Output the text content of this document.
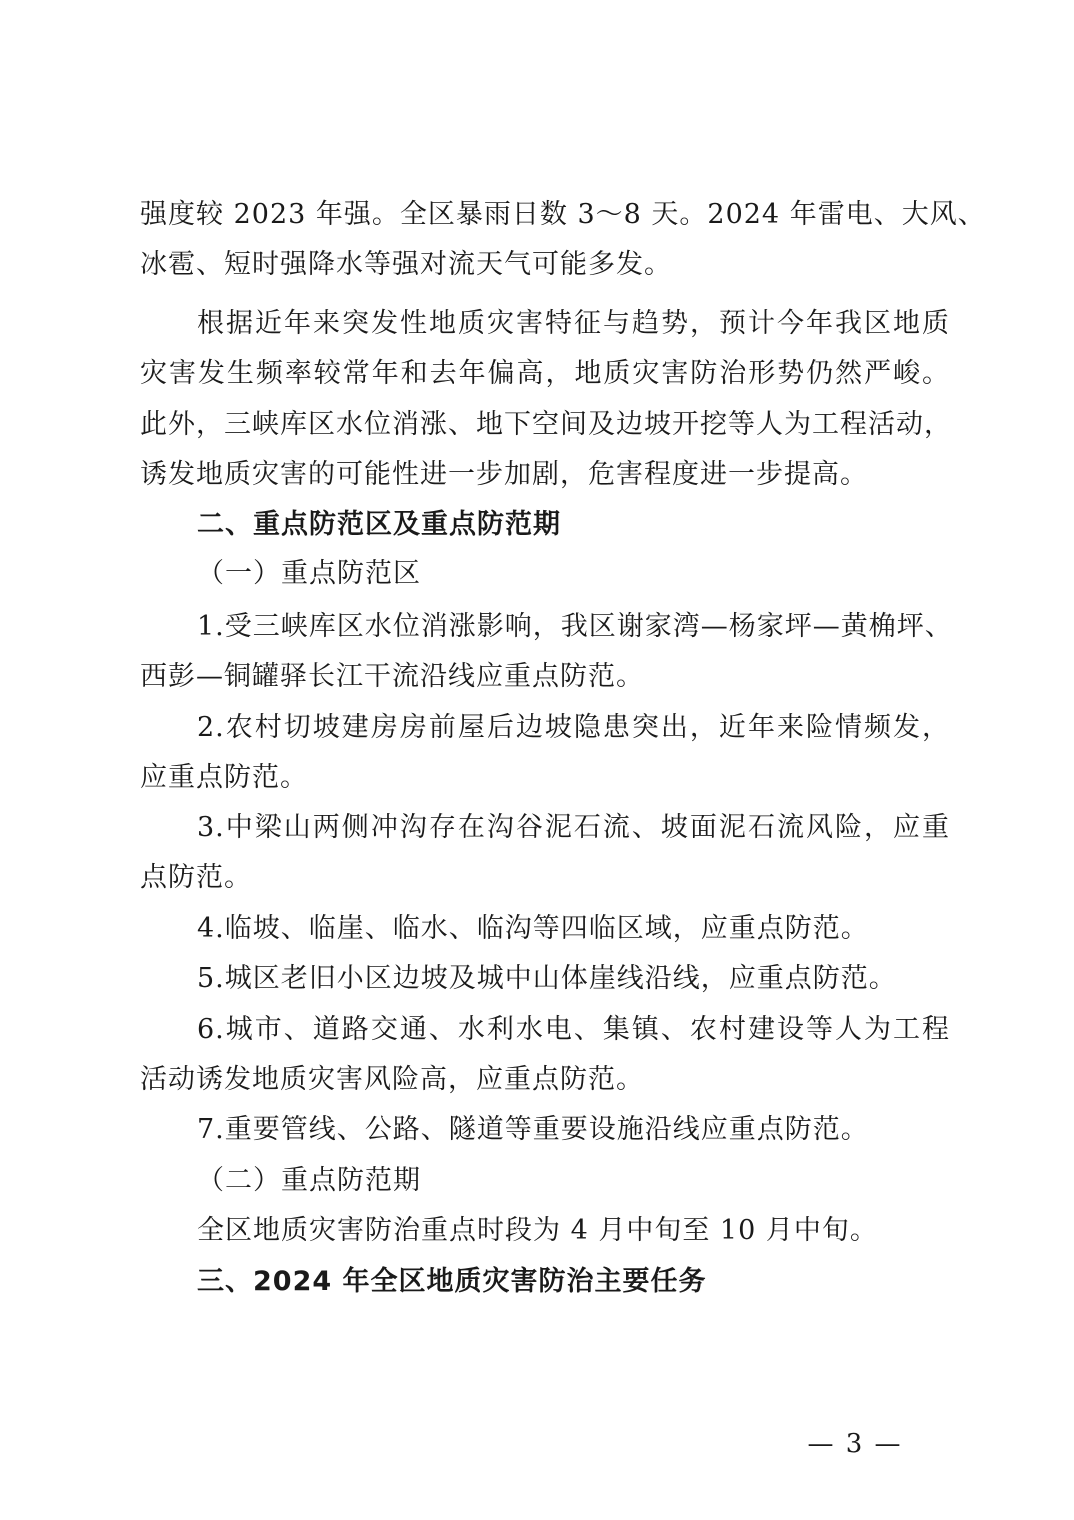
强度较 2023 年强。全区暴雨日数 3～8 天。2024 年雷电、大风、
冰雹、短时强降水等强对流天气可能多发。
根据近年来突发性地质灾害特征与趋势，预计今年我区地质
灾害发生频率较常年和去年偏高，地质灾害防治形势仍然严峻。
此外，三峡库区水位消涨、地下空间及边坡开挖等人为工程活动，
诱发地质灾害的可能性进一步加剧，危害程度进一步提高。
二、重点防范区及重点防范期
（一）重点防范区
1.受三峡库区水位消涨影响，我区谢家湾—杨家坪—黄桷坪、
西彭—铜罐驿长江干流沿线应重点防范。
2.农村切坡建房房前屋后边坡隐患突出，近年来险情频发，
应重点防范。
3.中梁山两侧冲沟存在沟谷泥石流、坡面泥石流风险，应重
点防范。
4.临坡、临崖、临水、临沟等四临区域，应重点防范。
5.城区老旧小区边坡及城中山体崖线沿线，应重点防范。
6.城市、道路交通、水利水电、集镇、农村建设等人为工程
活动诱发地质灾害风险高，应重点防范。
7.重要管线、公路、隧道等重要设施沿线应重点防范。
（二）重点防范期
全区地质灾害防治重点时段为 4 月中旬至 10 月中旬。
三、2024 年全区地质灾害防治主要任务
— 3 —
